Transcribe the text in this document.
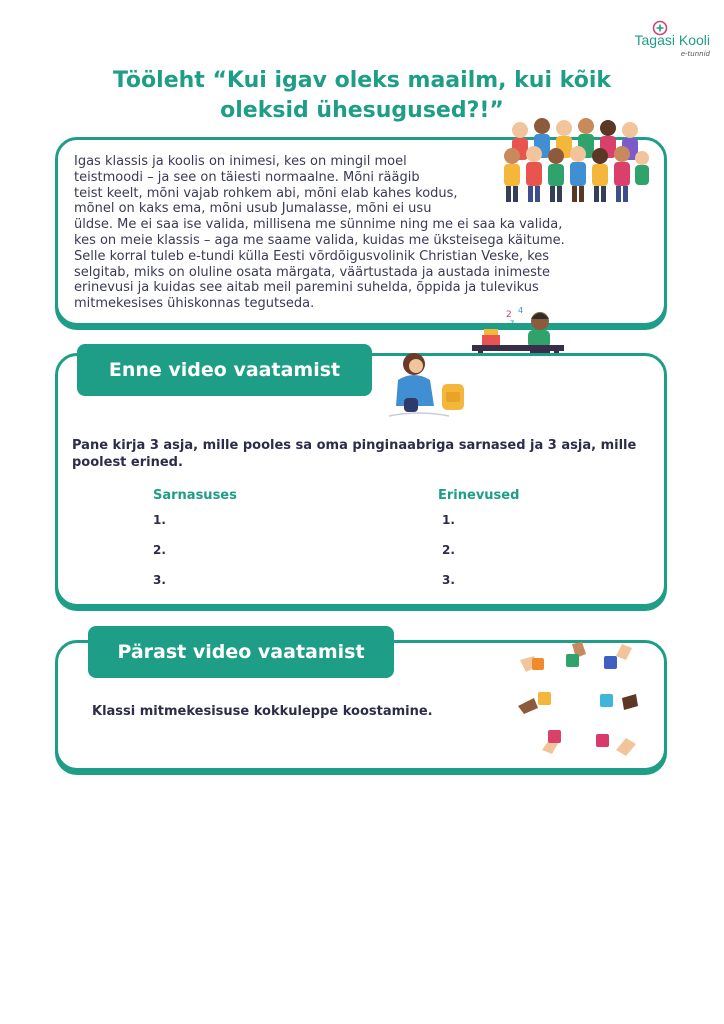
Tagasi Kooli
e-tunnid
Tööleht “Kui igav oleks maailm, kui kõik
oleksid ühesugused?!”
Igas klassis ja koolis on inimesi, kes on mingil moel
teistmoodi – ja see on täiesti normaalne. Mõni räägib
teist keelt, mõni vajab rohkem abi, mõni elab kahes kodus,
mõnel on kaks ema, mõni usub Jumalasse, mõni ei usu
üldse. Me ei saa ise valida, millisena me sünnime ning me ei saa ka valida,
kes on meie klassis – aga me saame valida, kuidas me üksteisega käitume.
Selle korral tuleb e-tundi külla Eesti võrdõigusvolinik Christian Veske, kes
selgitab, miks on oluline osata märgata, väärtustada ja austada inimeste
erinevusi ja kuidas see aitab meil paremini suhelda, õppida ja tulevikus
mitmekesises ühiskonnas tegutseda.
2 4
z
Enne video vaatamist
Pane kirja 3 asja, mille pooles sa oma pinginaabriga sarnased ja 3 asja, mille poolest erined.
Sarnasuses	Erinevused
1.
2.
3.
1.
2.
3.
Pärast video vaatamist
Klassi mitmekesisuse kokkuleppe koostamine.
